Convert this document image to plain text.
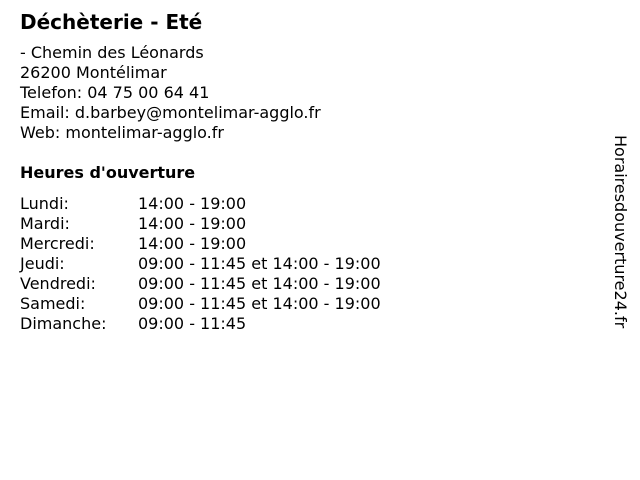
Déchèterie - Eté
- Chemin des Léonards
26200 Montélimar
Telefon: 04 75 00 64 41
Email: d.barbey@montelimar-agglo.fr
Web: montelimar-agglo.fr
Heures d'ouverture
Lundi:	14:00 - 19:00
Mardi:	14:00 - 19:00
Mercredi:	14:00 - 19:00
Jeudi:	09:00 - 11:45 et 14:00 - 19:00
Vendredi:	09:00 - 11:45 et 14:00 - 19:00
Samedi:	09:00 - 11:45 et 14:00 - 19:00
Dimanche:	09:00 - 11:45	Horairesdouverture24.fr
